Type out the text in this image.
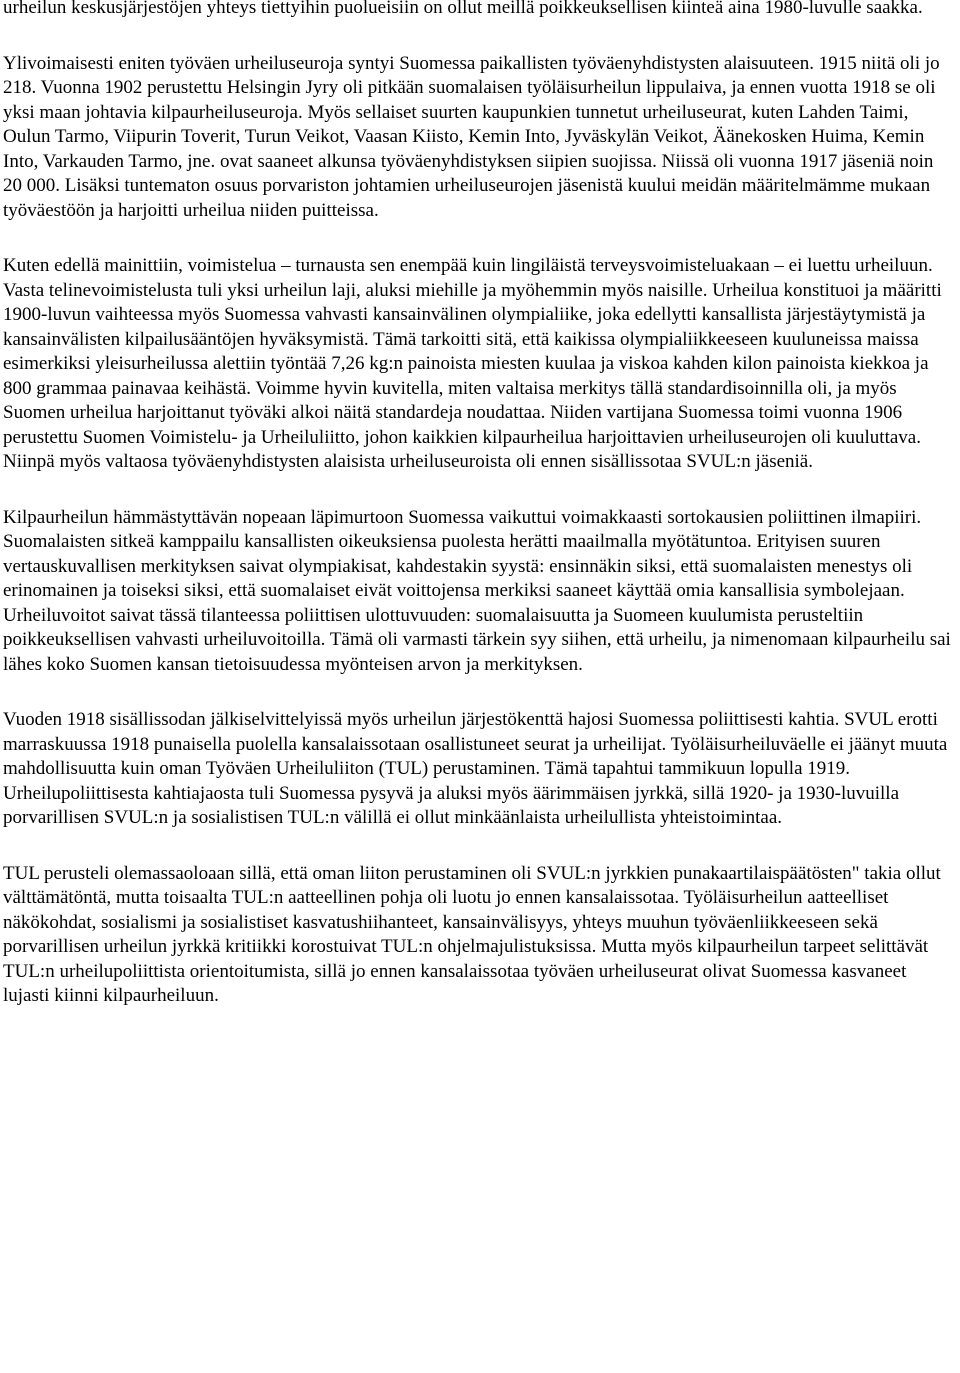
urheilun keskusjärjestöjen yhteys tiettyihin puolueisiin on ollut meillä poikkeuksellisen kiinteä aina 1980-luvulle saakka.

Ylivoimaisesti eniten työväen urheiluseuroja syntyi Suomessa paikallisten työväenyhdistysten alaisuuteen. 1915 niitä oli jo 218. Vuonna 1902 perustettu Helsingin Jyry oli pitkään suomalaisen työläisurheilun lippulaiva, ja ennen vuotta 1918 se oli yksi maan johtavia kilpaurheiluseuroja. Myös sellaiset suurten kaupunkien tunnetut urheiluseurat, kuten Lahden Taimi, Oulun Tarmo, Viipurin Toverit, Turun Veikot, Vaasan Kiisto, Kemin Into, Jyväskylän Veikot, Äänekosken Huima, Kemin Into, Varkauden Tarmo, jne. ovat saaneet alkunsa työväenyhdistyksen siipien suojissa. Niissä oli vuonna 1917 jäseniä noin 20 000. Lisäksi tuntematon osuus porvariston johtamien urheiluseurojen jäsenistä kuului meidän määritelmämme mukaan työväestöön ja harjoitti urheilua niiden puitteissa.

Kuten edellä mainittiin, voimistelua – turnausta sen enempää kuin lingiläistä terveysvoimisteluakaan – ei luettu urheiluun. Vasta telinevoimistelusta tuli yksi urheilun laji, aluksi miehille ja myöhemmin myös naisille. Urheilua konstituoi ja määritti 1900-luvun vaihteessa myös Suomessa vahvasti kansainvälinen olympialiike, joka edellytti kansallista järjestäytymistä ja kansainvälisten kilpailusääntöjen hyväksymistä. Tämä tarkoitti sitä, että kaikissa olympialiikkeeseen kuuluneissa maissa esimerkiksi yleisurheilussa alettiin työntää 7,26 kg:n painoista miesten kuulaa ja viskoa kahden kilon painoista kiekkoa ja 800 grammaa painavaa keihästä. Voimme hyvin kuvitella, miten valtaisa merkitys tällä standardisoinnilla oli, ja myös Suomen urheilua harjoittanut työväki alkoi näitä standardeja noudattaa. Niiden vartijana Suomessa toimi vuonna 1906 perustettu Suomen Voimistelu- ja Urheiluliitto, johon kaikkien kilpaurheilua harjoittavien urheiluseurojen oli kuuluttava. Niinpä myös valtaosa työväenyhdistysten alaisista urheiluseuroista oli ennen sisällissotaa SVUL:n jäseniä.

Kilpaurheilun hämmästyttävän nopeaan läpimurtoon Suomessa vaikuttui voimakkaasti sortokausien poliittinen ilmapiiri. Suomalaisten sitkeä kamppailu kansallisten oikeuksiensa puolesta herätti maailmalla myötätuntoa. Erityisen suuren vertauskuvallisen merkityksen saivat olympiakisat, kahdestakin syystä: ensinnäkin siksi, että suomalaisten menestys oli erinomainen ja toiseksi siksi, että suomalaiset eivät voittojensa merkiksi saaneet käyttää omia kansallisia symbolejaan. Urheiluvoitot saivat tässä tilanteessa poliittisen ulottuvuuden: suomalaisuutta ja Suomeen kuulumista perusteltiin poikkeuksellisen vahvasti urheiluvoitoilla. Tämä oli varmasti tärkein syy siihen, että urheilu, ja nimenomaan kilpaurheilu sai lähes koko Suomen kansan tietoisuudessa myönteisen arvon ja merkityksen.

Vuoden 1918 sisällissodan jälkiselvittelyissä myös urheilun järjestökenttä hajosi Suomessa poliittisesti kahtia. SVUL erotti marraskuussa 1918 punaisella puolella kansalaissotaan osallistuneet seurat ja urheilijat. Työläisurheiluväelle ei jäänyt muuta mahdollisuutta kuin oman Työväen Urheiluliiton (TUL) perustaminen. Tämä tapahtui tammikuun lopulla 1919. Urheilupoliittisesta kahtiajaosta tuli Suomessa pysyvä ja aluksi myös äärimmäisen jyrkkä, sillä 1920- ja 1930-luvuilla porvarillisen SVUL:n ja sosialistisen TUL:n välillä ei ollut minkäänlaista urheilullista yhteistoimintaa.

TUL perusteli olemassaoloaan sillä, että oman liiton perustaminen oli SVUL:n jyrkkien punakaartilaispäätösten" takia ollut välttämätöntä, mutta toisaalta TUL:n aatteellinen pohja oli luotu jo ennen kansalaissotaa. Työläisurheilun aatteelliset näkökohdat, sosialismi ja sosialistiset kasvatushiihanteet, kansainvälisyys, yhteys muuhun työväenliikkeeseen sekä porvarillisen urheilun jyrkkä kritiikki korostuivat TUL:n ohjelmajulistuksissa. Mutta myös kilpaurheilun tarpeet selittävät TUL:n urheilupoliittista orientoitumista, sillä jo ennen kansalaissotaa työväen urheiluseurat olivat Suomessa kasvaneet lujasti kiinni kilpaurheiluun.
